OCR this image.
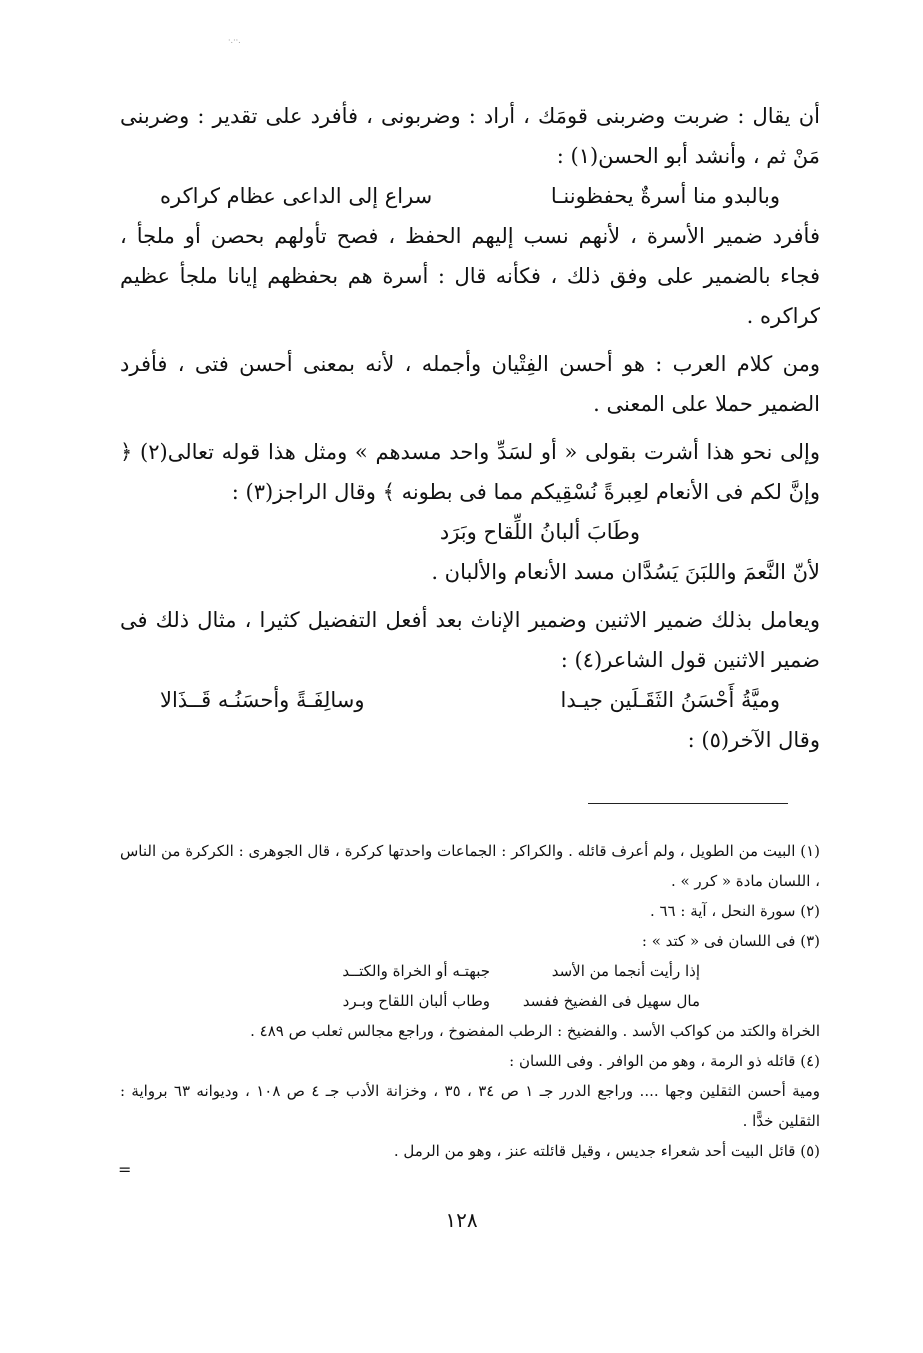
·.··.

أن يقال : ضربت وضربنى قومَك ، أراد : وضربونى ، فأفرد على تقدير : وضربنى مَنْ ثم ، وأنشد أبو الحسن(١) :

وبالبدو منا أسرةٌ يحفظوننـا
سراع إلى الداعى عظام كراكره

فأفرد ضمير الأسرة ، لأنهم نسب إليهم الحفظ ، فصح تأولهم بحصن أو ملجأ ، فجاء بالضمير على وفق ذلك ، فكأنه قال : أسرة هم بحفظهم إيانا ملجأ عظيم كراكره .

ومن كلام العرب : هو أحسن الفِتْيان وأجمله ، لأنه بمعنى أحسن فتى ، فأفرد الضمير حملا على المعنى .

وإلى نحو هذا أشرت بقولى « أو لسَدِّ واحد مسدهم » ومثل هذا قوله تعالى(٢) ﴿ وإنَّ لكم فى الأنعام لعِبرةً نُسْقِيكم مما فى بطونه ﴾ وقال الراجز(٣) :

وطَابَ ألبانُ اللِّقاح وبَرَد

لأنّ النَّعمَ واللبَنَ يَسُدَّان مسد الأنعام والألبان .

ويعامل بذلك ضمير الاثنين وضمير الإناث بعد أفعل التفضيل كثيرا ، مثال ذلك فى ضمير الاثنين قول الشاعر(٤) :

وميَّةُ أَحْسَنُ الثَقَـلَين جيـدا
وسالِفَـةً وأحسَنُـه قَــذَالا

وقال الآخر(٥) :

(١) البيت من الطويل ، ولم أعرف قائله . والكراكر : الجماعات واحدتها كركرة ، قال الجوهرى : الكركرة من الناس ، اللسان مادة « كرر » .

(٢) سورة النحل ، آية : ٦٦ .

(٣) فى اللسان فى « كتد » :

إذا رأيت أنجما من الأسد
جبهتـه أو الخراة والكتــد
مال سهيل فى الفضيخ ففسد
وطاب ألبان اللقاح وبـرد

الخراة والكتد من كواكب الأسد . والفضيخ : الرطب المفضوخ ، وراجع مجالس ثعلب ص ٤٨٩ .

(٤) قائله ذو الرمة ، وهو من الوافر . وفى اللسان :

ومية أحسن الثقلين وجها .... وراجع الدرر جـ ١ ص ٣٤ ، ٣٥ ، وخزانة الأدب جـ ٤ ص ١٠٨ ، وديوانه ٦٣ برواية : الثقلين خدًّا .

(٥) قائل البيت أحد شعراء جديس ، وقيل قائلته عنز ، وهو من الرمل .

=
١٢٨
